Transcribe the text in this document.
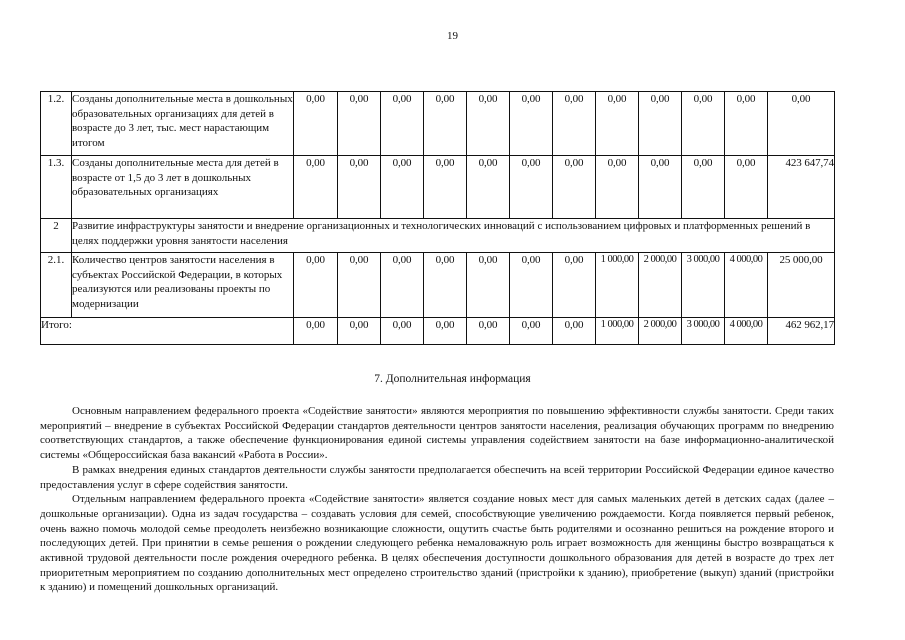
19
1.2.	Созданы дополнительные места в дошкольных образовательных организациях для детей в возрасте до 3 лет, тыс. мест нарастающим итогом	0,00	0,00	0,00	0,00	0,00	0,00	0,00	0,00	0,00	0,00	0,00	0,00
1.3.	Созданы дополнительные места для детей в возрасте от 1,5 до 3 лет в дошкольных образовательных организациях	0,00	0,00	0,00	0,00	0,00	0,00	0,00	0,00	0,00	0,00	0,00	423 647,74
2	Развитие инфраструктуры занятости и внедрение организационных и технологических инноваций с использованием цифровых и платформенных решений в целях поддержки уровня занятости населения												
2.1.	Количество центров занятости населения в субъектах Российской Федерации, в которых реализуются или реализованы проекты по модернизации	0,00	0,00	0,00	0,00	0,00	0,00	0,00	1 000,00	2 000,00	3 000,00	4 000,00	25 000,00
Итого:		0,00	0,00	0,00	0,00	0,00	0,00	0,00	1 000,00	2 000,00	3 000,00	4 000,00	462 962,17
7. Дополнительная информация

Основным направлением федерального проекта «Содействие занятости» являются мероприятия по повышению эффективности службы занятости. Среди таких мероприятий – внедрение в субъектах Российской Федерации стандартов деятельности центров занятости населения, реализация обучающих программ по внедрению соответствующих стандартов, а также обеспечение функционирования единой системы управления содействием занятости на базе информационно-аналитической системы «Общероссийская база вакансий «Работа в России».

В рамках внедрения единых стандартов деятельности службы занятости предполагается обеспечить на всей территории Российской Федерации единое качество предоставления услуг в сфере содействия занятости.

Отдельным направлением федерального проекта «Содействие занятости» является создание новых мест для самых маленьких детей в детских садах (далее – дошкольные организации). Одна из задач государства – создавать условия для семей, способствующие увеличению рождаемости. Когда появляется первый ребенок, очень важно помочь молодой семье преодолеть неизбежно возникающие сложности, ощутить счастье быть родителями и осознанно решиться на рождение второго и последующих детей. При принятии в семье решения о рождении следующего ребенка немаловажную роль играет возможность для женщины быстро возвращаться к активной трудовой деятельности после рождения очередного ребенка. В целях обеспечения доступности дошкольного образования для детей в возрасте до трех лет приоритетным мероприятием по созданию дополнительных мест определено строительство зданий (пристройки к зданию), приобретение (выкуп) зданий (пристройки к зданию) и помещений дошкольных организаций.
